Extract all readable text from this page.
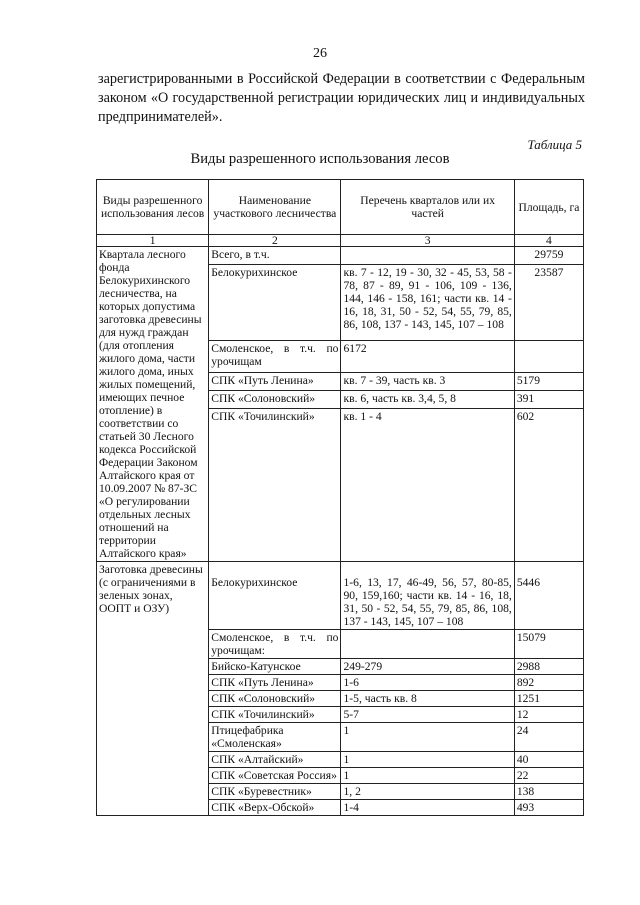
26
зарегистрированными в Российской Федерации в соответствии с Федеральным законом «О государственной регистрации юридических лиц и индивидуальных предпринимателей».
Таблица 5
Виды разрешенного использования лесов
Виды разрешенного использования лесов	Наименование участкового лесничества	Перечень кварталов или их частей	Площадь, га
1	2	3	4
Квартала лесного фонда Белокурихинского лесничества, на которых допустима заготовка древесины для нужд граждан (для отопления жилого дома, части жилого дома, иных жилых помещений, имеющих печное отопление) в соответствии со статьей 30 Лесного кодекса Российской Федерации Законом Алтайского края от 10.09.2007 № 87-ЗС «О регулировании отдельных лесных отношений на территории Алтайского края»	Всего, в т.ч.		29759
	Белокурихинское	кв. 7 - 12, 19 - 30, 32 - 45, 53, 58 - 78, 87 - 89, 91 - 106, 109 - 136, 144, 146 - 158, 161; части кв. 14 - 16, 18, 31, 50 - 52, 54, 55, 79, 85, 86, 108, 137 - 143, 145, 107 – 108	23587
	Смоленское, в т.ч. по урочищам	6172	
	СПК «Путь Ленина»	кв. 7 - 39, часть кв. 3	5179
	СПК «Солоновский»	кв. 6, часть кв. 3,4, 5, 8	391
	СПК «Точилинский»	кв. 1 - 4	602
Заготовка древесины (с ограничениями в зеленых зонах, ООПТ и ОЗУ)	Белокурихинское	1-6, 13, 17, 46-49, 56, 57, 80-85, 90, 159,160; части кв. 14 - 16, 18, 31, 50 - 52, 54, 55, 79, 85, 86, 108, 137 - 143, 145, 107 – 108	5446
	Смоленское, в т.ч. по урочищам:		15079
	Бийско-Катунское	249-279	2988
	СПК «Путь Ленина»	1-6	892
	СПК «Солоновский»	1-5, часть кв. 8	1251
	СПК «Точилинский»	5-7	12
	Птицефабрика «Смоленская»	1	24
	СПК «Алтайский»	1	40
	СПК «Советская Россия»	1	22
	СПК «Буревестник»	1, 2	138
	СПК «Верх-Обской»	1-4	493
